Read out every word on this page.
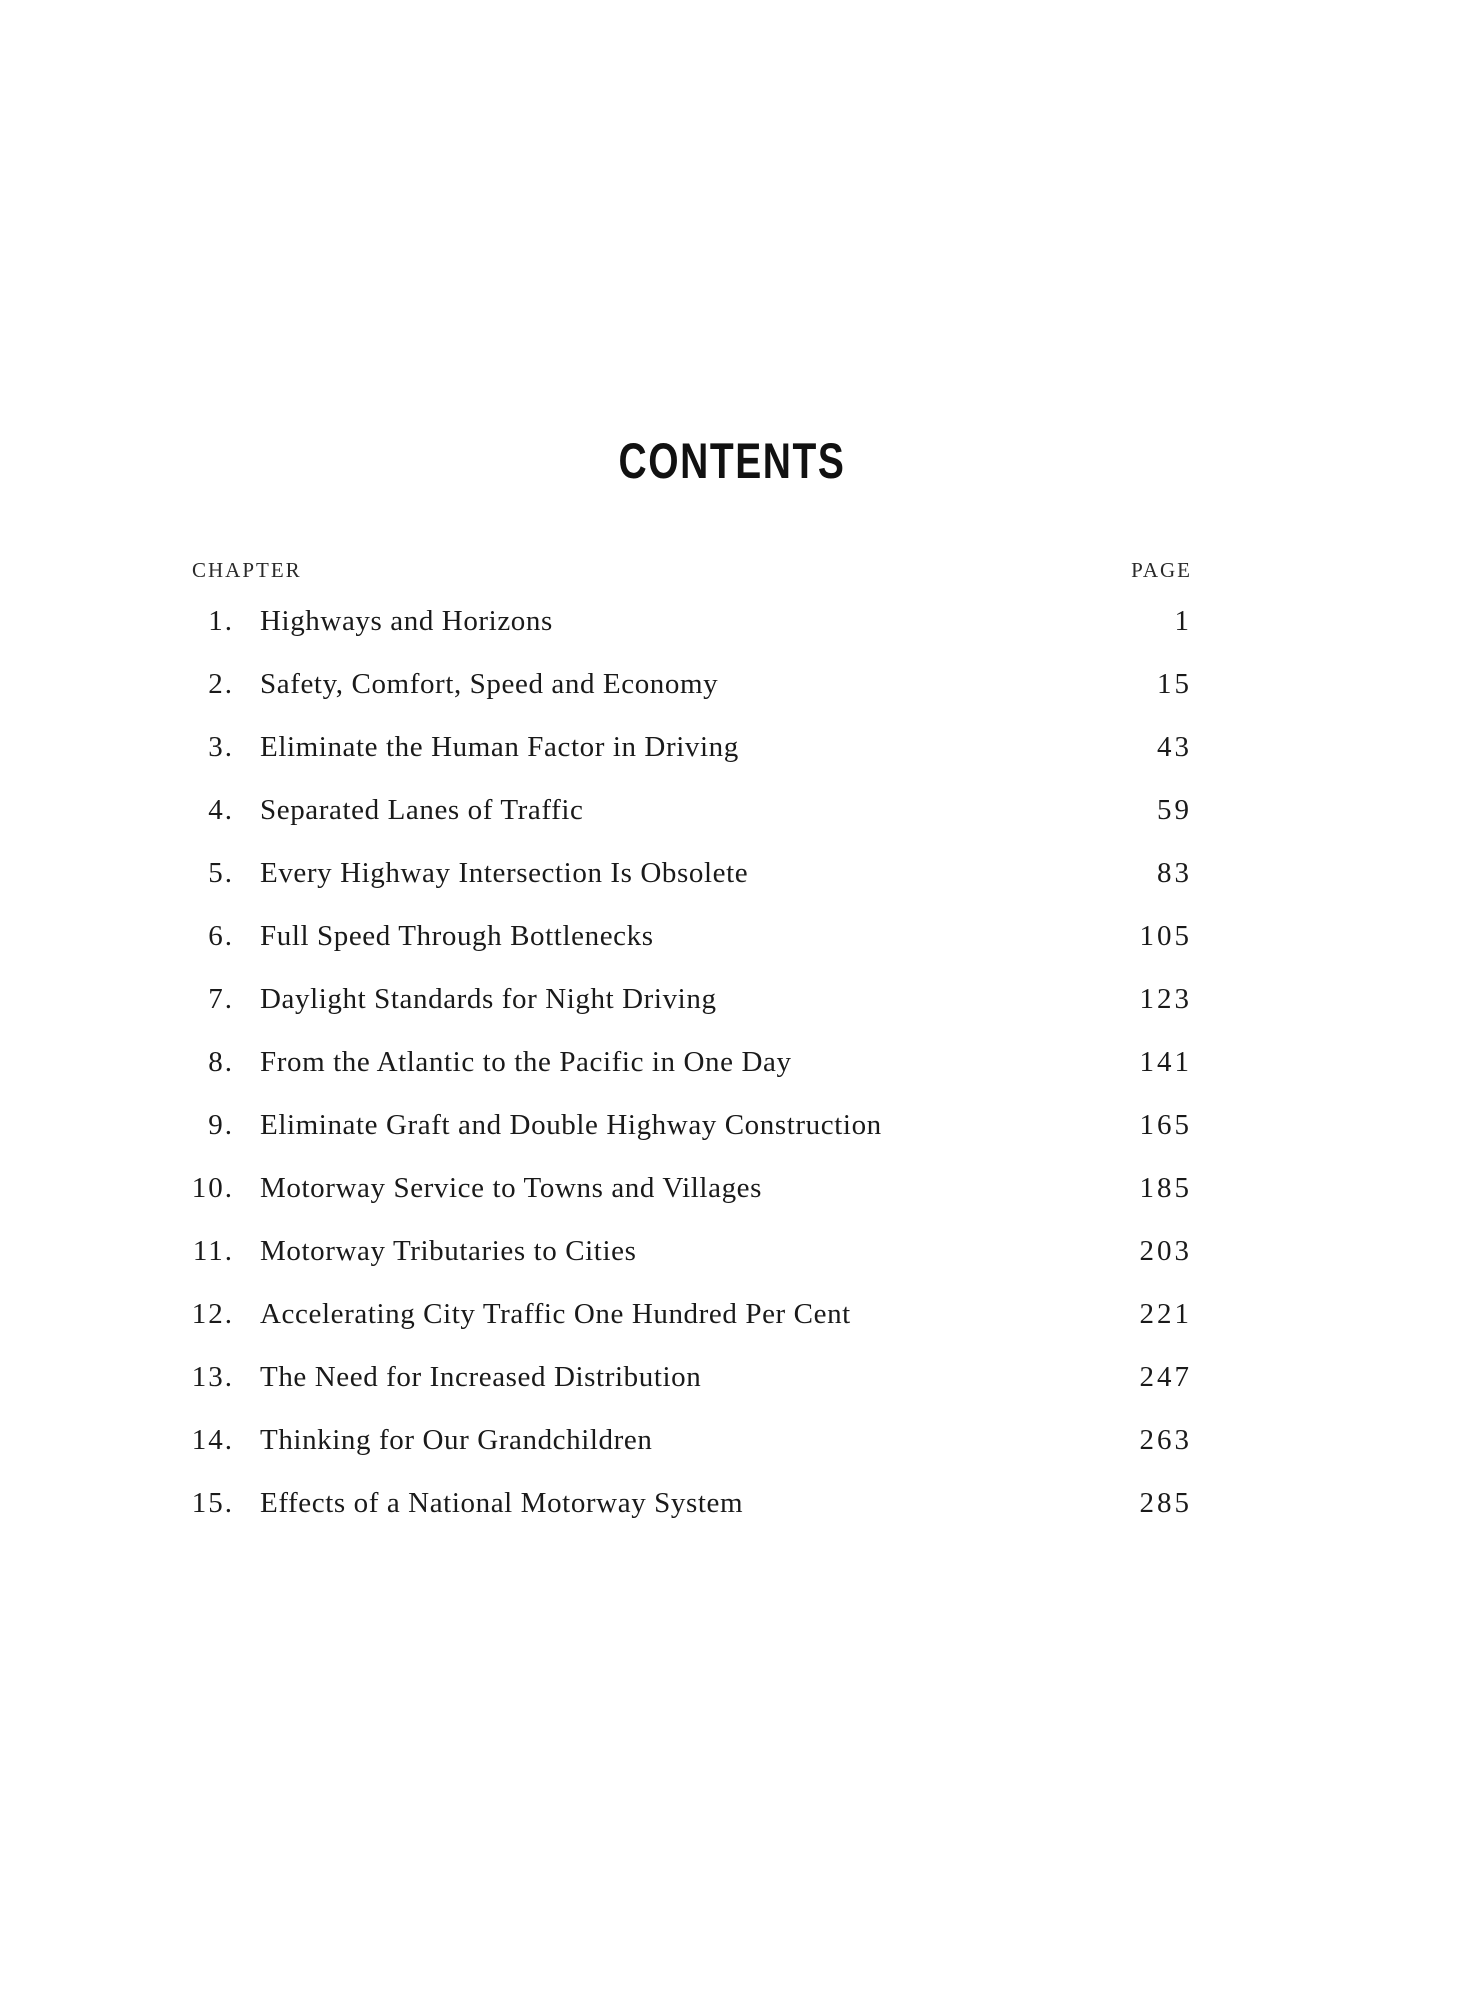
CONTENTS
CHAPTER	PAGE
1. Highways and Horizons	1
2. Safety, Comfort, Speed and Economy	15
3. Eliminate the Human Factor in Driving	43
4. Separated Lanes of Traffic	59
5. Every Highway Intersection Is Obsolete	83
6. Full Speed Through Bottlenecks	105
7. Daylight Standards for Night Driving	123
8. From the Atlantic to the Pacific in One Day	141
9. Eliminate Graft and Double Highway Construction	165
10. Motorway Service to Towns and Villages	185
11. Motorway Tributaries to Cities	203
12. Accelerating City Traffic One Hundred Per Cent	221
13. The Need for Increased Distribution	247
14. Thinking for Our Grandchildren	263
15. Effects of a National Motorway System	285
